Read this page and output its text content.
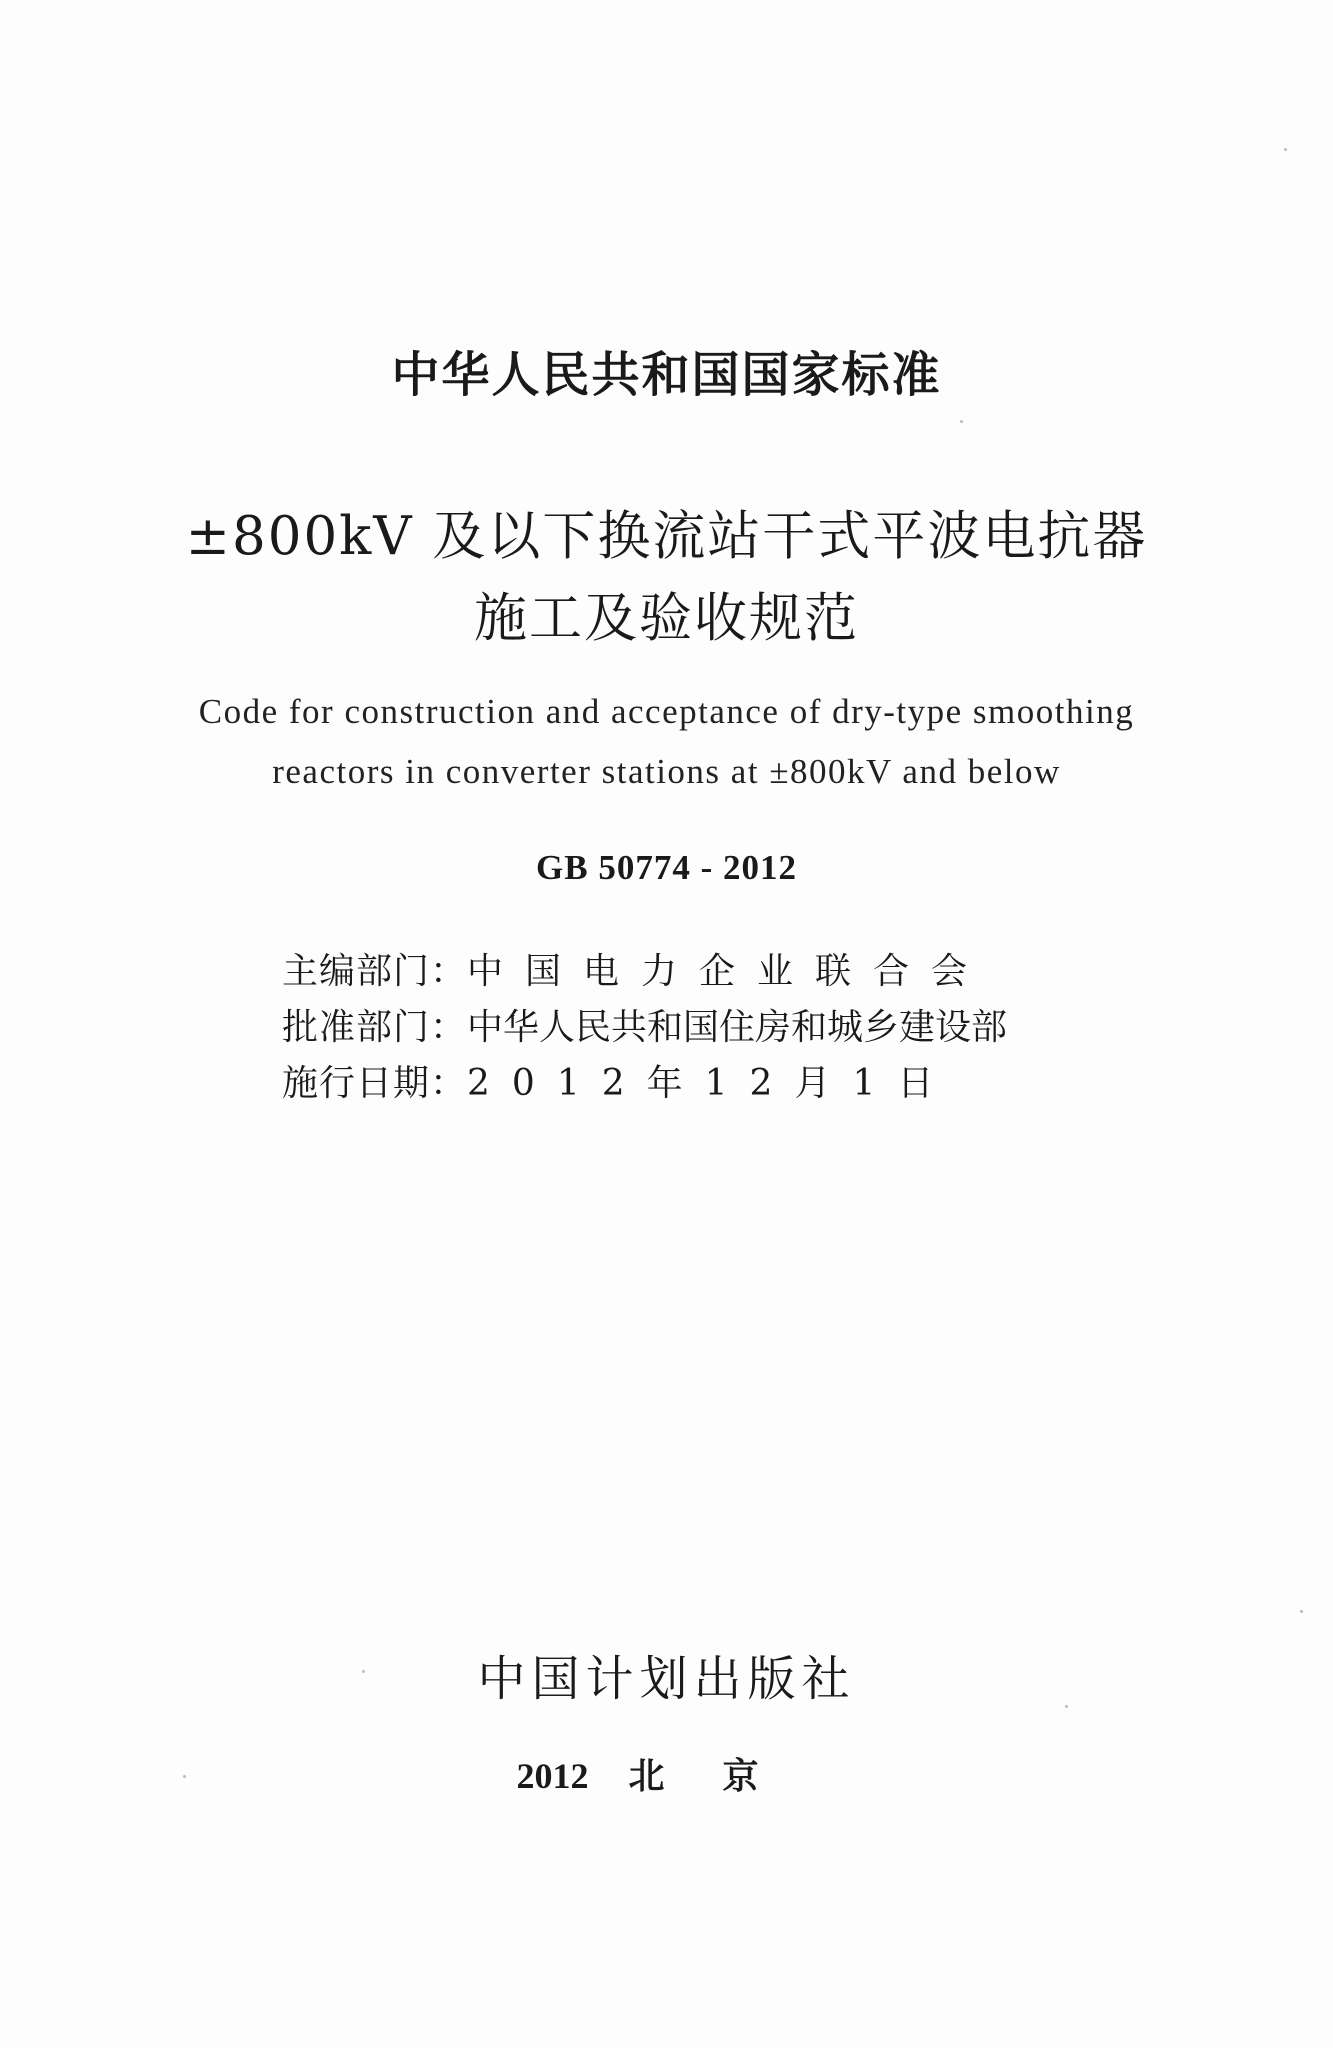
中华人民共和国国家标准
±800kV 及以下换流站干式平波电抗器
施工及验收规范
Code for construction and acceptance of dry-type smoothing
reactors in converter stations at ±800kV and below
GB 50774 - 2012
主编部门： 中国电力企业联合会
批准部门： 中华人民共和国住房和城乡建设部
施行日期： 2012年12月1日
中国计划出版社
2012 北京
